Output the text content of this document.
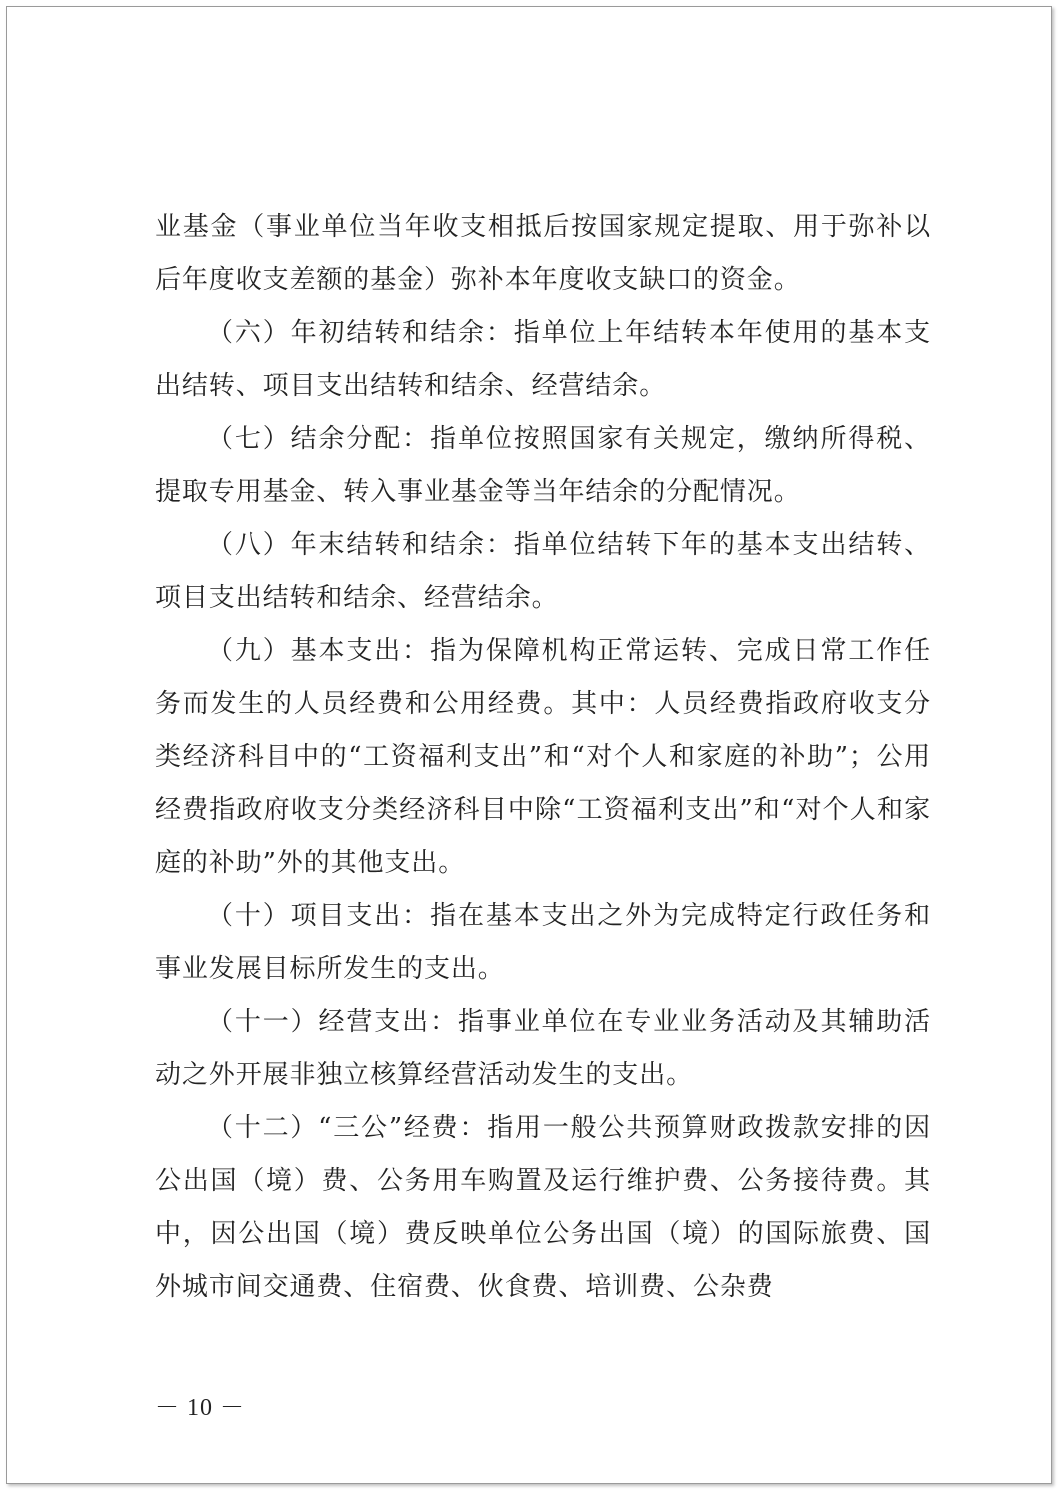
业基金（事业单位当年收支相抵后按国家规定提取、用于弥补以后年度收支差额的基金）弥补本年度收支缺口的资金。

（六）年初结转和结余：指单位上年结转本年使用的基本支出结转、项目支出结转和结余、经营结余。

（七）结余分配：指单位按照国家有关规定，缴纳所得税、提取专用基金、转入事业基金等当年结余的分配情况。

（八）年末结转和结余：指单位结转下年的基本支出结转、项目支出结转和结余、经营结余。

（九）基本支出：指为保障机构正常运转、完成日常工作任务而发生的人员经费和公用经费。其中：人员经费指政府收支分类经济科目中的“工资福利支出”和“对个人和家庭的补助”；公用经费指政府收支分类经济科目中除“工资福利支出”和“对个人和家庭的补助”外的其他支出。

（十）项目支出：指在基本支出之外为完成特定行政任务和事业发展目标所发生的支出。

（十一）经营支出：指事业单位在专业业务活动及其辅助活动之外开展非独立核算经营活动发生的支出。

（十二）“三公”经费：指用一般公共预算财政拨款安排的因公出国（境）费、公务用车购置及运行维护费、公务接待费。其中，因公出国（境）费反映单位公务出国（境）的国际旅费、国外城市间交通费、住宿费、伙食费、培训费、公杂费

－ 10 －
